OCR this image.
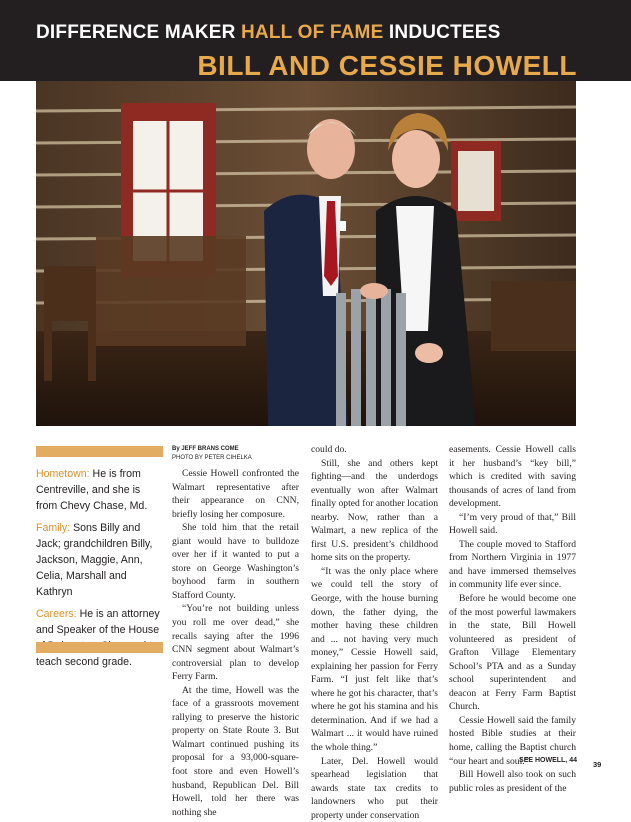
DIFFERENCE MAKER HALL OF FAME INDUCTEES
BILL AND CESSIE HOWELL

Hometown: He is from Centreville, and she is from Chevy Chase, Md.

Family: Sons Billy and Jack; grandchildren Billy, Jackson, Maggie, Ann, Celia, Marshall and Kathryn

Careers: He is an attorney and Speaker of the House teach second grade.

By JEFF BRANS COME
PHOTO BY PETER CIHELKA

Cessie Howell confronted the Walmart representative after their appearance on CNN, briefly losing her composure.

She told him that the retail giant would have to bulldoze over her if it wanted to put a store on George Washington’s boyhood farm in southern Stafford County.

“You’re not building unless you roll me over dead,” she recalls saying after the 1996 CNN segment about Walmart’s controversial plan to develop Ferry Farm.

At the time, Howell was the face of a grassroots movement rallying to preserve the historic property on State Route 3. But Walmart continued pushing its proposal for a 93,000-square-foot store and even Howell’s husband, Republican Del. Bill Howell, told her there was nothing she

could do.

Still, she and others kept fighting—and the underdogs eventually won after Walmart finally opted for another location nearby. Now, rather than a Walmart, a new replica of the first U.S. president’s childhood home sits on the property.

“It was the only place where we could tell the story of George, with the house burning down, the father dying, the mother having these children and ... not having very much money,” Cessie Howell said, explaining her passion for Ferry Farm. “I just felt like that’s where he got his character, that’s where he got his stamina and his determination. And if we had a Walmart ... it would have ruined the whole thing.”

Later, Del. Howell would spearhead legislation that awards state tax credits to landowners who put their property under conservation

easements. Cessie Howell calls it her husband’s “key bill,” which is credited with saving thousands of acres of land from development.

“I’m very proud of that,” Bill Howell said.

The couple moved to Stafford from Northern Virginia in 1977 and have immersed themselves in community life ever since.

Before he would become one of the most powerful lawmakers in the state, Bill Howell volunteered as president of Grafton Village Elementary School’s PTA and as a Sunday school superintendent and deacon at Ferry Farm Baptist Church.

Cessie Howell said the family hosted Bible studies at their home, calling the Baptist church “our heart and soul.”

Bill Howell also took on such public roles as president of the

SEE HOWELL, 44 39
